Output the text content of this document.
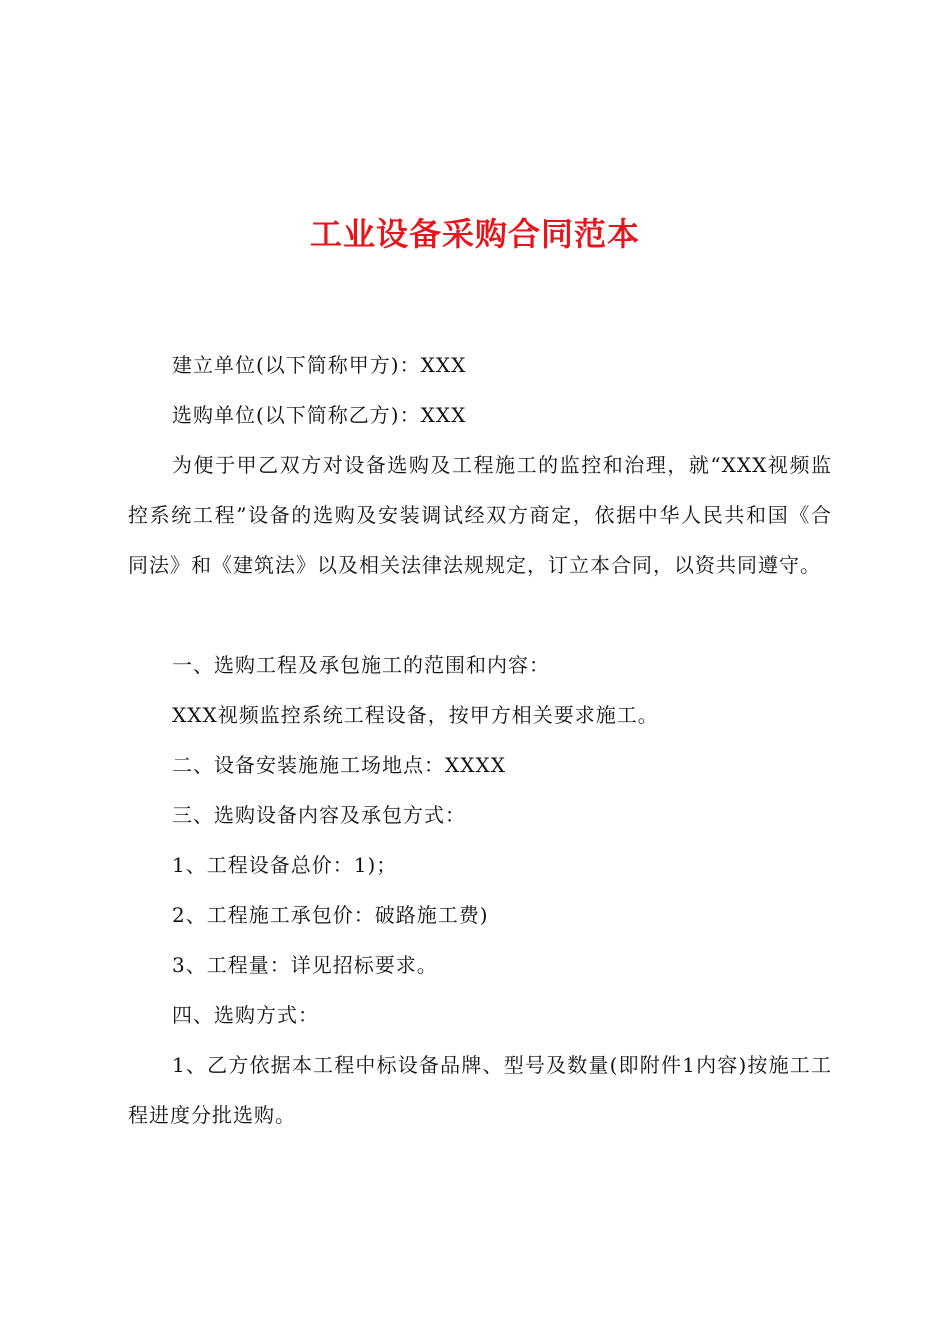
工业设备采购合同范本

建立单位(以下简称甲方)：XXX

选购单位(以下简称乙方)：XXX

为便于甲乙双方对设备选购及工程施工的监控和治理，就“XXX视频监控系统工程”设备的选购及安装调试经双方商定，依据中华人民共和国《合同法》和《建筑法》以及相关法律法规规定，订立本合同，以资共同遵守。

一、选购工程及承包施工的范围和内容：

XXX视频监控系统工程设备，按甲方相关要求施工。

二、设备安装施施工场地点：XXXX

三、选购设备内容及承包方式：

1、工程设备总价：1)；

2、工程施工承包价：破路施工费)

3、工程量：详见招标要求。

四、选购方式：

1、乙方依据本工程中标设备品牌、型号及数量(即附件1内容)按施工工程进度分批选购。
